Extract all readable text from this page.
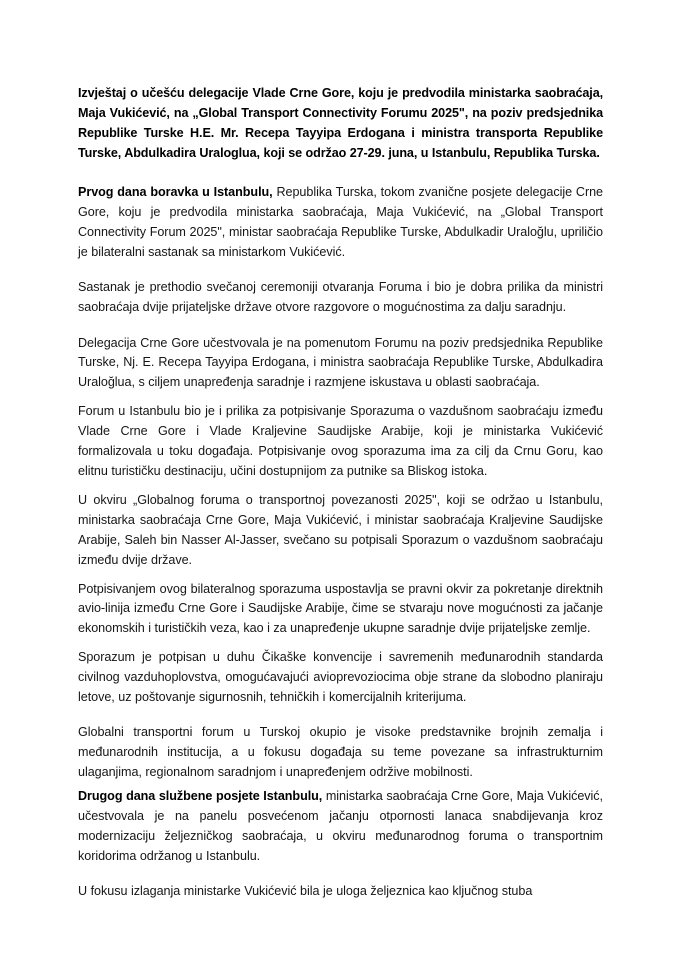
Izvještaj o učešću delegacije Vlade Crne Gore, koju je predvodila ministarka saobraćaja, Maja Vukićević, na „Global Transport Connectivity Forumu 2025", na poziv predsjednika Republike Turske H.E. Mr. Recepa Tayyipa Erdogana i ministra transporta Republike Turske, Abdulkadira Uraloglua, koji se održao 27-29. juna, u Istanbulu, Republika Turska.

Prvog dana boravka u Istanbulu, Republika Turska, tokom zvanične posjete delegacije Crne Gore, koju je predvodila ministarka saobraćaja, Maja Vukićević, na „Global Transport Connectivity Forum 2025", ministar saobraćaja Republike Turske, Abdulkadir Uraloğlu, upriličio je bilateralni sastanak sa ministarkom Vukićević.

Sastanak je prethodio svečanoj ceremoniji otvaranja Foruma i bio je dobra prilika da ministri saobraćaja dvije prijateljske države otvore razgovore o mogućnostima za dalju saradnju.

Delegacija Crne Gore učestvovala je na pomenutom Forumu na poziv predsjednika Republike Turske, Nj. E. Recepa Tayyipa Erdogana, i ministra saobraćaja Republike Turske, Abdulkadira Uraloğlua, s ciljem unapređenja saradnje i razmjene iskustava u oblasti saobraćaja.

Forum u Istanbulu bio je i prilika za potpisivanje Sporazuma o vazdušnom saobraćaju između Vlade Crne Gore i Vlade Kraljevine Saudijske Arabije, koji je ministarka Vukićević formalizovala u toku događaja. Potpisivanje ovog sporazuma ima za cilj da Crnu Goru, kao elitnu turističku destinaciju, učini dostupnijom za putnike sa Bliskog istoka.

U okviru „Globalnog foruma o transportnoj povezanosti 2025", koji se održao u Istanbulu, ministarka saobraćaja Crne Gore, Maja Vukićević, i ministar saobraćaja Kraljevine Saudijske Arabije, Saleh bin Nasser Al-Jasser, svečano su potpisali Sporazum o vazdušnom saobraćaju između dvije države.

Potpisivanjem ovog bilateralnog sporazuma uspostavlja se pravni okvir za pokretanje direktnih avio-linija između Crne Gore i Saudijske Arabije, čime se stvaraju nove mogućnosti za jačanje ekonomskih i turističkih veza, kao i za unapređenje ukupne saradnje dvije prijateljske zemlje.

Sporazum je potpisan u duhu Čikaške konvencije i savremenih međunarodnih standarda civilnog vazduhoplovstva, omogućavajući avioprevoziocima obje strane da slobodno planiraju letove, uz poštovanje sigurnosnih, tehničkih i komercijalnih kriterijuma.

Globalni transportni forum u Turskoj okupio je visoke predstavnike brojnih zemalja i međunarodnih institucija, a u fokusu događaja su teme povezane sa infrastrukturnim ulaganjima, regionalnom saradnjom i unapređenjem održive mobilnosti.

Drugog dana službene posjete Istanbulu, ministarka saobraćaja Crne Gore, Maja Vukićević, učestvovala je na panelu posvećenom jačanju otpornosti lanaca snabdijevanja kroz modernizaciju željezničkog saobraćaja, u okviru međunarodnog foruma o transportnim koridorima održanog u Istanbulu.

U fokusu izlaganja ministarke Vukićević bila je uloga željeznica kao ključnog stuba
